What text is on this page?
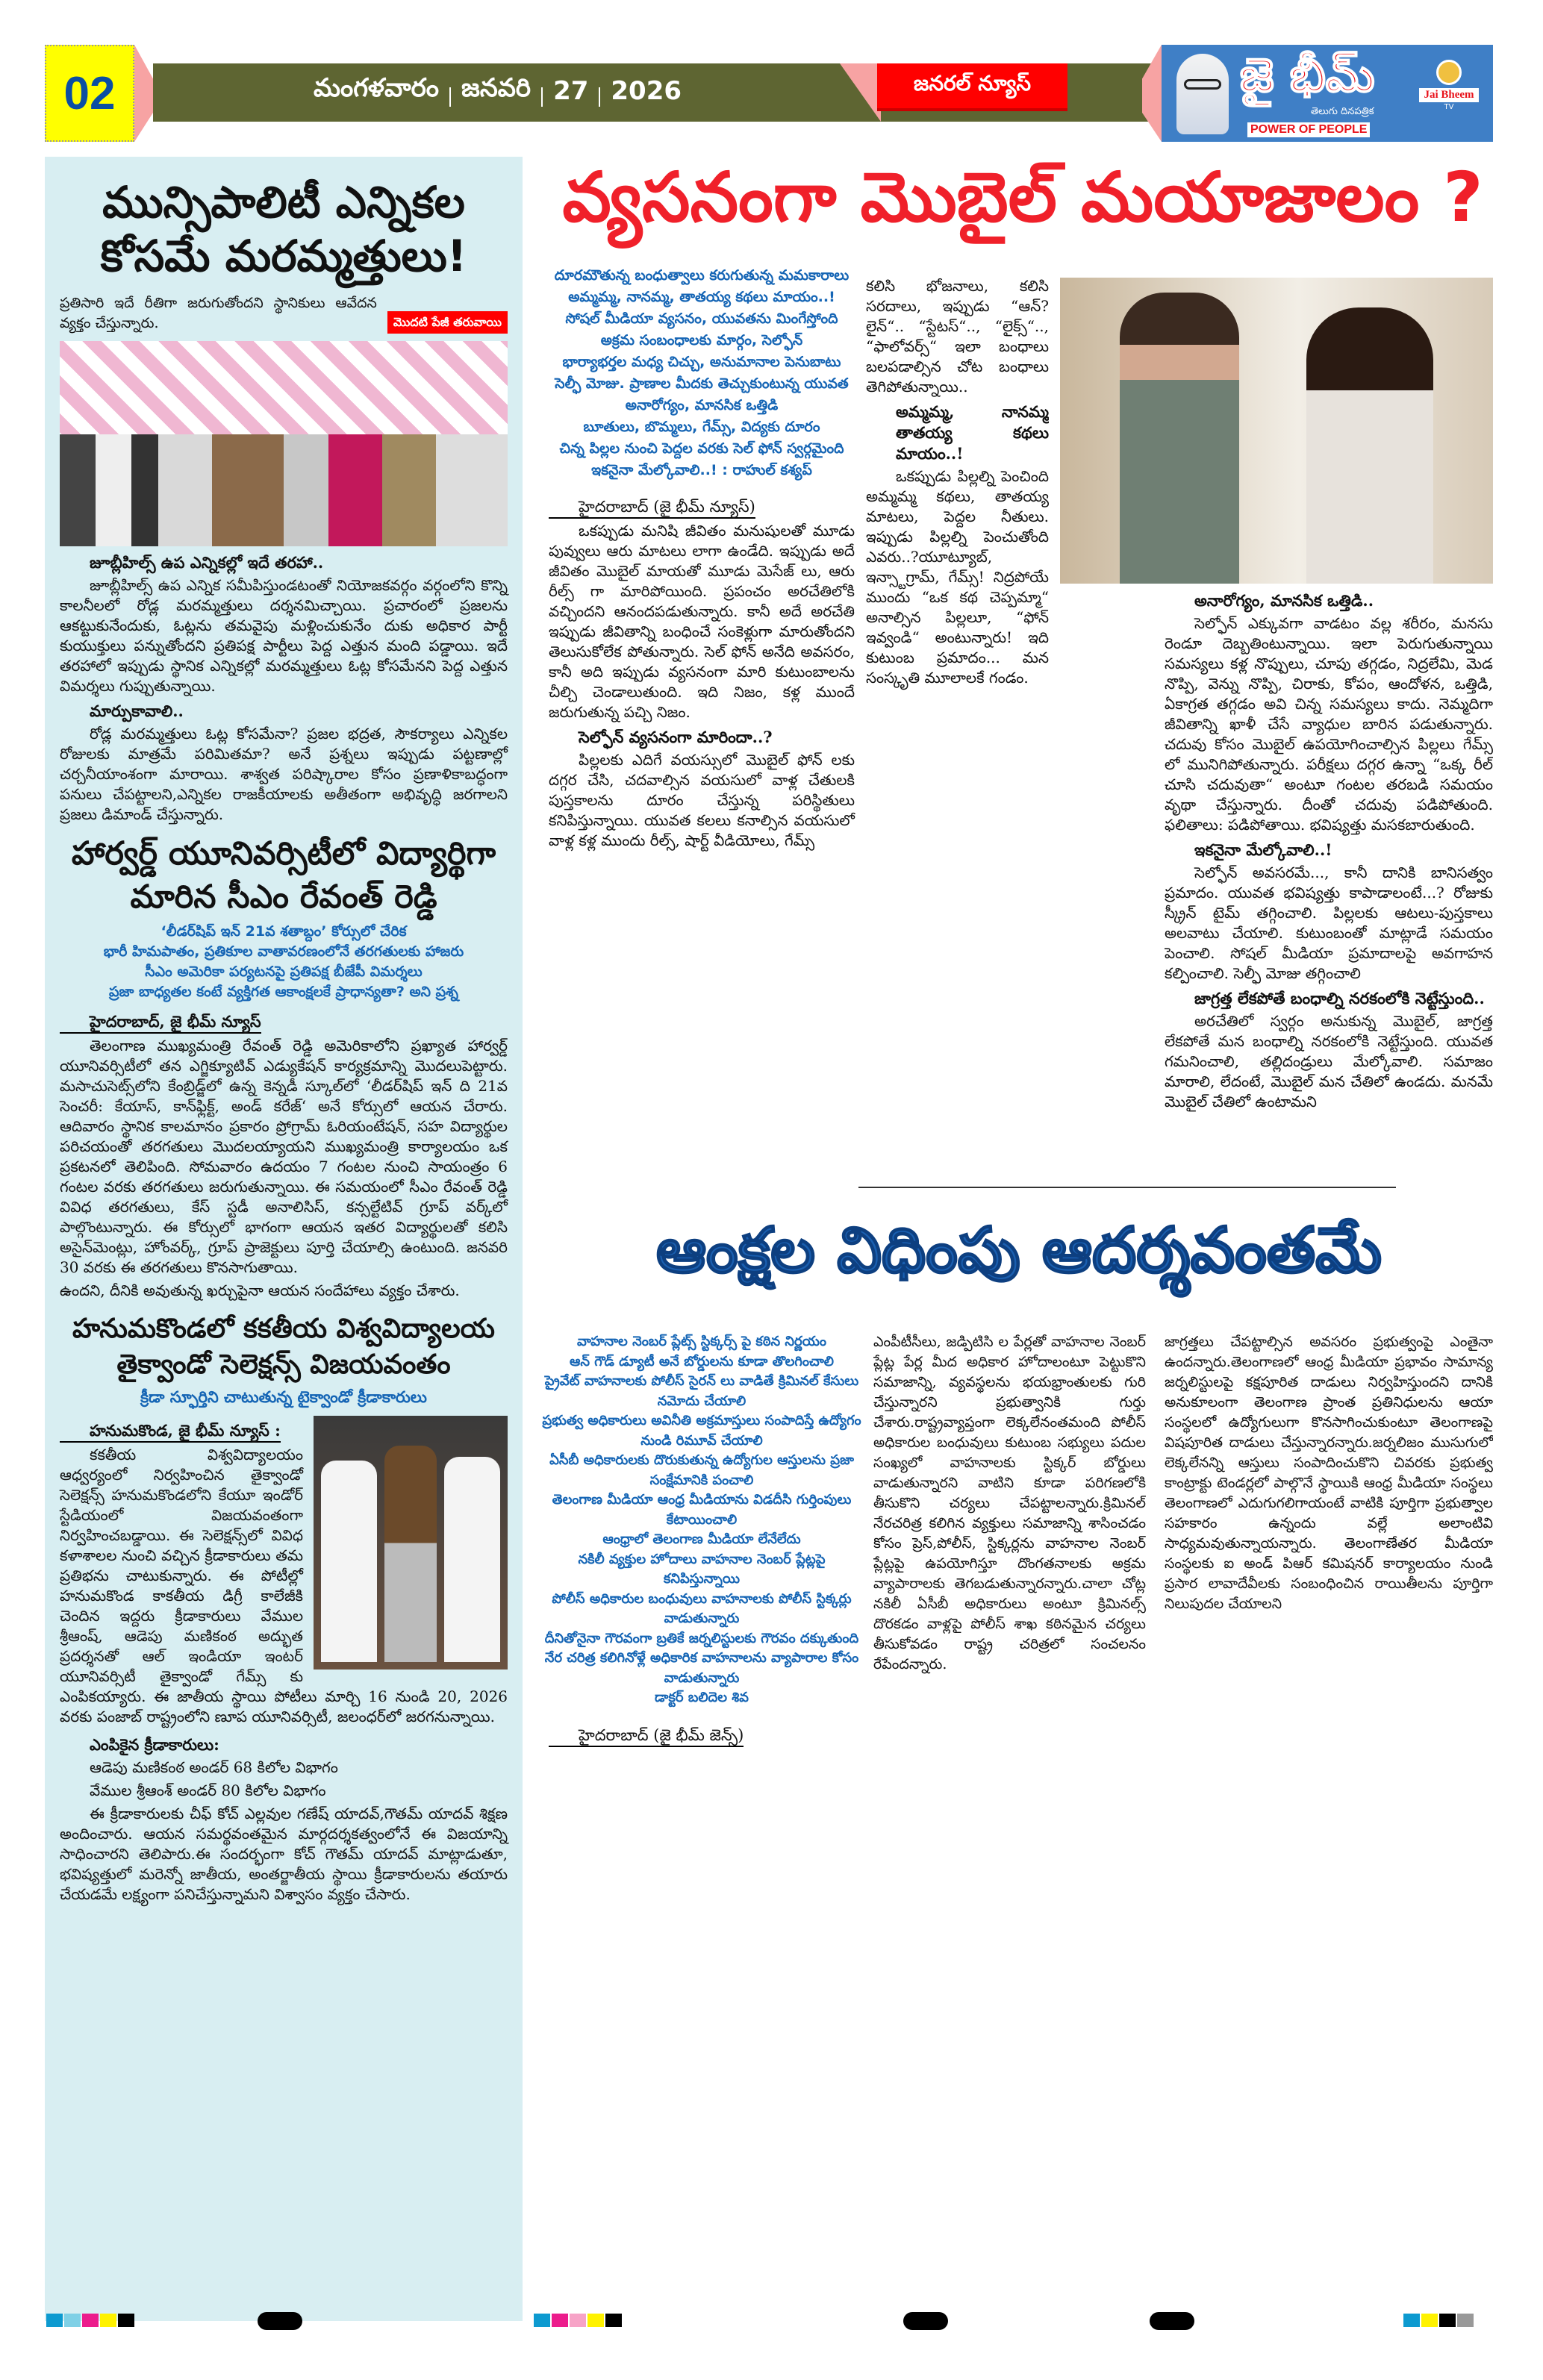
02	మంగళవారం జనవరి 27 2026	జనరల్ న్యూస్	జై భీమ్
తెలుగు దినపత్రిక
POWER OF PEOPLE
Jai Bheem
TV
మున్సిపాలిటీ ఎన్నికల
కోసమే మరమ్మత్తులు!
ప్రతిసారి ఇదే రీతిగా జరుగుతోందని స్థానికులు ఆవేదన వ్యక్తం చేస్తున్నారు.	మొదటి పేజీ తరువాయి
జూబ్లీహిల్స్ ఉప ఎన్నికల్లో ఇదే తరహా..

జూబ్లీహిల్స్ ఉప ఎన్నిక సమీపిస్తుండటంతో నియోజకవర్గం వర్గంలోని కొన్ని కాలనీలలో రోడ్ల మరమ్మత్తులు దర్శనమిచ్చాయి. ప్రచారంలో ప్రజలను ఆకట్టుకునేందుకు, ఓట్లను తమవైపు మళ్లించుకునేం దుకు అధికార పార్టీ కుయుక్తులు పన్నుతోందని ప్రతిపక్ష పార్టీలు పెద్ద ఎత్తున మంది పడ్డాయి. ఇదే తరహాలో ఇప్పుడు స్థానిక ఎన్నికల్లో మరమ్మత్తులు ఓట్ల కోసమేనని పెద్ద ఎత్తున విమర్శలు గుప్పుతున్నాయి.

మార్పుకావాలి..

రోడ్ల మరమ్మత్తులు ఓట్ల కోసమేనా? ప్రజల భద్రత, సౌకర్యాలు ఎన్నికల రోజులకు మాత్రమే పరిమితమా? అనే ప్రశ్నలు ఇప్పుడు పట్టణాల్లో చర్చనీయాంశంగా మారాయి. శాశ్వత పరిష్కారాల కోసం ప్రణాళికాబద్ధంగా పనులు చేపట్టాలని,ఎన్నికల రాజకీయాలకు అతీతంగా అభివృద్ధి జరగాలని ప్రజలు డిమాండ్ చేస్తున్నారు.

హార్వర్డ్ యూనివర్సిటీలో విద్యార్థిగా
మారిన సీఎం రేవంత్ రెడ్డి
‘లీడర్‌షిప్ ఇన్ 21వ శతాబ్దం’ కోర్సులో చేరిక
భారీ హిమపాతం, ప్రతికూల వాతావరణంలోనే తరగతులకు హాజరు
సీఎం అమెరికా పర్యటనపై ప్రతిపక్ష బీజేపీ విమర్శలు
ప్రజా బాధ్యతల కంటే వ్యక్తిగత ఆకాంక్షలకే ప్రాధాన్యతా? అని ప్రశ్న
హైదరాబాద్, జై భీమ్ న్యూస్

తెలంగాణ ముఖ్యమంత్రి రేవంత్ రెడ్డి అమెరికాలోని ప్రఖ్యాత హార్వర్డ్ యూనివర్సిటీలో తన ఎగ్జిక్యూటివ్ ఎడ్యుకేషన్ కార్యక్రమాన్ని మొదలుపెట్టారు. మసాచుసెట్స్‌లోని కేంబ్రిడ్జ్‌లో ఉన్న కెన్నడీ స్కూల్‌లో ‘లీడర్‌షిప్ ఇన్ ది 21వ సెంచరీ: కేయాస్, కాన్‌ఫ్లిక్ట్, అండ్ కరేజ్‘ అనే కోర్సులో ఆయన చేరారు. ఆదివారం స్థానిక కాలమానం ప్రకారం ప్రోగ్రామ్ ఓరియంటేషన్, సహ విద్యార్థుల పరిచయంతో తరగతులు మొదలయ్యాయని ముఖ్యమంత్రి కార్యాలయం ఒక ప్రకటనలో తెలిపింది. సోమవారం ఉదయం 7 గంటల నుంచి సాయంత్రం 6 గంటల వరకు తరగతులు జరుగుతున్నాయి. ఈ సమయంలో సీఎం రేవంత్ రెడ్డి వివిధ తరగతులు, కేస్ స్టడీ అనాలిసిస్, కన్సల్టేటివ్ గ్రూప్ వర్క్‌లో పాల్గొంటున్నారు. ఈ కోర్సులో భాగంగా ఆయన ఇతర విద్యార్థులతో కలిసి అసైన్‌మెంట్లు, హోంవర్క్, గ్రూప్ ప్రాజెక్టులు పూర్తి చేయాల్సి ఉంటుంది. జనవరి 30 వరకు ఈ తరగతులు కొనసాగుతాయి.

ఉందని, దీనికి అవుతున్న ఖర్చుపైనా ఆయన సందేహాలు వ్యక్తం చేశారు.
హనుమకొండలో కకతీయ విశ్వవిద్యాలయ
తైక్వాండో సెలెక్షన్స్ విజయవంతం
క్రీడా స్ఫూర్తిని చాటుతున్న టైక్వాండో క్రీడాకారులు
హనుమకొండ, జై భీమ్ న్యూస్ :

కకతీయ విశ్వవిద్యాలయం ఆధ్వర్యంలో నిర్వహించిన తైక్వాండో సెలెక్షన్స్ హనుమకొండలోని కేయూ ఇండోర్ స్టేడియంలో విజయవంతంగా నిర్వహించబడ్డాయి. ఈ సెలెక్షన్స్‌లో వివిధ కళాశాలల నుంచి వచ్చిన క్రీడాకారులు తమ ప్రతిభను చాటుకున్నారు. ఈ పోటీల్లో హనుమకొండ కాకతీయ డిగ్రీ కాలేజీకి చెందిన ఇద్దరు క్రీడాకారులు వేముల శ్రీఆంష్, ఆడెపు మణికంఠ అద్భుత ప్రదర్శనతో ఆల్ ఇండియా ఇంటర్ యూనివర్సిటీ తైక్వాండో గేమ్స్ కు ఎంపికయ్యారు. ఈ జాతీయ స్థాయి పోటీలు మార్చి 16 నుండి 20, 2026 వరకు పంజాబ్ రాష్ట్రంలోని ణూప యూనివర్సిటీ, జలంధర్‌లో జరగనున్నాయి.

ఎంపికైన క్రీడాకారులు:

ఆడెపు మణికంఠ అండర్ 68 కిలోల విభాగం

వేముల శ్రీఆంశ్ అండర్ 80 కిలోల విభాగం

ఈ క్రీడాకారులకు చీఫ్ కోచ్ ఎల్లవుల గణేష్ యాదవ్,గౌతమ్ యాదవ్ శిక్షణ అందించారు. ఆయన సమర్థవంతమైన మార్గదర్శకత్వంలోనే ఈ విజయాన్ని సాధించారని తెలిపారు.ఈ సందర్భంగా కోచ్ గౌతమ్ యాదవ్ మాట్లాడుతూ, భవిష్యత్తులో మరెన్నో జాతీయ, అంతర్జాతీయ స్థాయి క్రీడాకారులను తయారు చేయడమే లక్ష్యంగా పనిచేస్తున్నామని విశ్వాసం వ్యక్తం చేసారు.

వ్యసనంగా మొబైల్ మయాజాలం ?
దూరమౌతున్న బంధుత్వాలు కరుగుతున్న మమకారాలు
అమ్మమ్మ, నానమ్మ, తాతయ్య కథలు మాయం..!
సోషల్ మీడియా వ్యసనం, యువతను మింగేస్తోంది
అక్రమ సంబంధాలకు మార్గం, సెల్ఫోన్
భార్యాభర్తల మధ్య చిచ్చు, అనుమానాల పెనుబాటు
సెల్ఫీ మోజు. ప్రాణాల మీదకు తెచ్చుకుంటున్న యువత
అనారోగ్యం, మానసిక ఒత్తిడి
బూతులు, బొమ్మలు, గేమ్స్, విద్యకు దూరం
చిన్న పిల్లల నుంచి పెద్దల వరకు సెల్ ఫోన్ స్వర్గమైంది
ఇకనైనా మేల్కోవాలి..! : రాహుల్ కశ్యప్
హైదరాబాద్ (జై భీమ్ న్యూస్)

ఒకప్పుడు మనిషి జీవితం మనుషులతో మూడు పువ్వులు ఆరు మాటలు లాగా ఉండేది. ఇప్పుడు అదే జీవితం మొబైల్ మాయతో మూడు మెసేజ్ లు, ఆరు రీల్స్ గా మారిపోయింది. ప్రపంచం అరచేతిలోకి వచ్చిందని ఆనందపడుతున్నారు. కానీ అదే అరచేతి ఇప్పుడు జీవితాన్ని బంధించే సంకెళ్లుగా మారుతోందని తెలుసుకోలేక పోతున్నారు. సెల్ ఫోన్ అనేది అవసరం, కానీ అది ఇప్పుడు వ్యసనంగా మారి కుటుంబాలను చీల్చి చెండాలుతుంది. ఇది నిజం, కళ్ల ముందే జరుగుతున్న పచ్చి నిజం.

సెల్ఫోన్ వ్యసనంగా మారిందా..?

పిల్లలకు ఎదిగే వయస్సులో మొబైల్ ఫోన్ లకు దగ్గర చేసి, చదవాల్సిన వయసులో వాళ్ల చేతులకి పుస్తకాలను దూరం చేస్తున్న పరిస్థితులు కనిపిస్తున్నాయి. యువత కలలు కనాల్సిన వయసులో వాళ్ల కళ్ల ముందు రీల్స్, షార్ట్ వీడియోలు, గేమ్స్

కలిసి భోజనాలు, కలిసి సరదాలు, ఇప్పుడు “ఆన్? లైన్“.. “స్టేటస్“.., “లైక్స్“.., “ఫాలోవర్స్“ ఇలా బంధాలు బలపడాల్సిన చోట బంధాలు తెగిపోతున్నాయి..

అమ్మమ్మ, నానమ్మ తాతయ్య కథలు మాయం..!

ఒకప్పుడు పిల్లల్ని పెంచింది అమ్మమ్మ కథలు, తాతయ్య మాటలు, పెద్దల నీతులు. ఇప్పుడు పిల్లల్ని పెంచుతోంది ఎవరు..?యూట్యూబ్, ఇన్స్టాగ్రామ్, గేమ్స్! నిద్రపోయే ముందు “ఒక కథ చెప్పమ్మా“ అనాల్సిన పిల్లలూ, “ఫోన్ ఇవ్వండి“ అంటున్నారు! ఇది కుటుంబ ప్రమాదం... మన సంస్కృతి మూలాలకే గండం.

అనారోగ్యం, మానసిక ఒత్తిడి..

సెల్ఫోన్ ఎక్కువగా వాడటం వల్ల శరీరం, మనసు రెండూ దెబ్బతింటున్నాయి. ఇలా పెరుగుతున్నాయి సమస్యలు కళ్ల నొప్పులు, చూపు తగ్గడం, నిద్రలేమి, మెడ నొప్పి, వెన్ను నొప్పి, చిరాకు, కోపం, ఆందోళన, ఒత్తిడి, ఏకాగ్రత తగ్గడం అవి చిన్న సమస్యలు కాదు. నెమ్మదిగా జీవితాన్ని ఖాళీ చేసే వ్యాధుల బారిన పడుతున్నారు. చదువు కోసం మొబైల్ ఉపయోగించాల్సిన పిల్లలు గేమ్స్ లో మునిగిపోతున్నారు. పరీక్షలు దగ్గర ఉన్నా “ఒక్క రీల్ చూసి చదువుతా“ అంటూ గంటల తరబడి సమయం వృథా చేస్తున్నారు. దీంతో చదువు పడిపోతుంది. ఫలితాలు: పడిపోతాయి. భవిష్యత్తు మసకబారుతుంది.

ఇకనైనా మేల్కోవాలి..!

సెల్ఫోన్ అవసరమే..., కానీ దానికి బానిసత్వం ప్రమాదం. యువత భవిష్యత్తు కాపాడాలంటే...? రోజుకు స్క్రీన్ టైమ్ తగ్గించాలి. పిల్లలకు ఆటలు-పుస్తకాలు అలవాటు చేయాలి. కుటుంబంతో మాట్లాడే సమయం పెంచాలి. సోషల్ మీడియా ప్రమాదాలపై అవగాహన కల్పించాలి. సెల్ఫీ మోజు తగ్గించాలి

జాగ్రత్త లేకపోతే బంధాల్ని నరకంలోకి నెట్టేస్తుంది..

అరచేతిలో స్వర్గం అనుకున్న మొబైల్, జాగ్రత్త లేకపోతే మన బంధాల్ని నరకంలోకి నెట్టేస్తుంది. యువత గమనించాలి, తల్లిదండ్రులు మేల్కోవాలి. సమాజం మారాలి, లేదంటే, మొబైల్ మన చేతిలో ఉండదు. మనమే మొబైల్ చేతిలో ఉంటామని

ఆంక్షల విధింపు ఆదర్శవంతమే
వాహనాల నెంబర్ ప్లేట్స్ స్టిక్కర్స్ పై కఠిన నిర్ణయం
ఆన్ గౌడ్ డ్యూటీ అనే బోర్డులను కూడా తొలగించాలి
ప్రైవేట్ వాహనాలకు పోలీస్ సైరన్ లు వాడితే క్రిమినల్ కేసులు నమోదు చేయాలి
ప్రభుత్వ అధికారులు అవినీతి అక్రమాస్తులు సంపాదిస్తే ఉద్యోగం నుండి రిమూవ్ చేయాలి
ఏసీబీ అధికారులకు దొరుకుతున్న ఉద్యోగుల ఆస్తులను ప్రజా సంక్షేమానికి పంచాలి
తెలంగాణ మీడియా ఆంధ్ర మీడియాను విడదీసి గుర్తింపులు కేటాయించాలి
ఆంధ్రాలో తెలంగాణ మీడియా లేనేలేదు
నకిలీ వ్యక్తుల హోదాలు వాహనాల నెంబర్ ప్లేట్లపై కనిపిస్తున్నాయి
పోలీస్ అధికారుల బంధువులు వాహనాలకు పోలీస్ స్టిక్కర్లు వాడుతున్నారు
దీనితోనైనా గౌరవంగా బ్రతికే జర్నలిస్టులకు గౌరవం దక్కుతుంది
నేర చరిత్ర కలిగినోళ్లే అధికారిక వాహనాలను వ్యాపారాల కోసం వాడుతున్నారు
డాక్టర్ బలిదెల శివ
హైదరాబాద్ (జై భీమ్ జెన్స్)

ఎంపీటీసీలు, జడ్పిటిసి ల పేర్లతో వాహనాల నెంబర్ ప్లేట్ల పేర్ల మీద అధికార హోదాలంటూ పెట్టుకొని సమాజాన్ని, వ్యవస్థలను భయభ్రాంతులకు గురి చేస్తున్నారని ప్రభుత్వానికి గుర్తు చేశారు.రాష్ట్రవ్యాప్తంగా లెక్కలేనంతమంది పోలీస్ అధికారుల బంధువులు కుటుంబ సభ్యులు పదుల సంఖ్యలో వాహనాలకు స్టిక్కర్ బోర్డులు వాడుతున్నారని వాటిని కూడా పరిగణలోకి తీసుకొని చర్యలు చేపట్టాలన్నారు.క్రిమినల్ నేరచరిత్ర కలిగిన వ్యక్తులు సమాజాన్ని శాసించడం కోసం ప్రెస్,పోలీస్, స్టిక్కర్లను వాహనాల నెంబర్ ప్లేట్లపై ఉపయోగిస్తూ దొంగతనాలకు అక్రమ వ్యాపారాలకు తెగబడుతున్నారన్నారు.చాలా చోట్ల నకిలీ ఏసీబీ అధికారులు అంటూ క్రిమినల్స్ దొరకడం వాళ్లపై పోలీస్ శాఖ కఠినమైన చర్యలు తీసుకోవడం రాష్ట్ర చరిత్రలో సంచలనం రేపేందన్నారు.

జాగ్రత్తలు చేపట్టాల్సిన అవసరం ప్రభుత్వంపై ఎంతైనా ఉందన్నారు.తెలంగాణలో ఆంధ్ర మీడియా ప్రభావం సామాన్య జర్నలిస్టులపై కక్షపూరిత దాడులు నిర్వహిస్తుందని దానికి అనుకూలంగా తెలంగాణ ప్రాంత ప్రతినిధులను ఆయా సంస్థలలో ఉద్యోగులుగా కొనసాగించుకుంటూ తెలంగాణపై విషపూరిత దాడులు చేస్తున్నారన్నారు.జర్నలిజం ముసుగులో లెక్కలేనన్ని ఆస్తులు సంపాదించుకొని చివరకు ప్రభుత్వ కాంట్రాక్టు టెండర్లలో పాల్గొనే స్థాయికి ఆంధ్ర మీడియా సంస్థలు తెలంగాణలో ఎదుగుగలిగాయంటే వాటికి పూర్తిగా ప్రభుత్వాల సహకారం ఉన్నందు వల్లే అలాంటివి సాధ్యమవుతున్నాయన్నారు. తెలంగాణేతర మీడియా సంస్థలకు ఐ అండ్ పిఆర్ కమిషనర్ కార్యాలయం నుండి ప్రసార లావాదేవీలకు సంబంధించిన రాయితీలను పూర్తిగా నిలుపుదల చేయాలని
